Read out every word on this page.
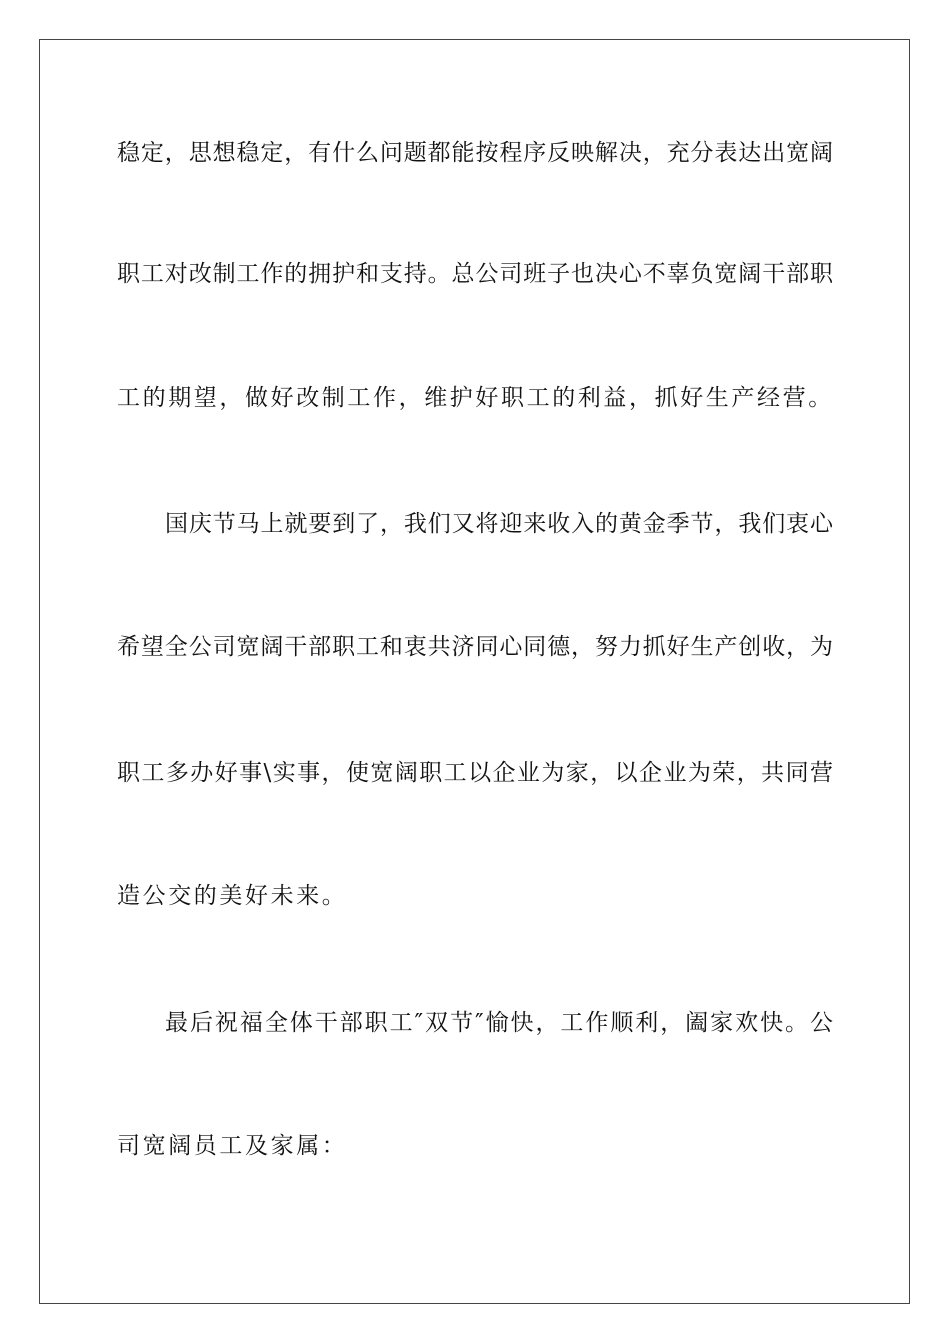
稳定，思想稳定，有什么问题都能按程序反映解决，充分表达出宽阔
职工对改制工作的拥护和支持。总公司班子也决心不辜负宽阔干部职
工的期望，做好改制工作，维护好职工的利益，抓好生产经营。
国庆节马上就要到了，我们又将迎来收入的黄金季节，我们衷心
希望全公司宽阔干部职工和衷共济同心同德，努力抓好生产创收，为
职工多办好事\实事，使宽阔职工以企业为家，以企业为荣，共同营
造公交的美好未来。
最后祝福全体干部职工″双节″愉快，工作顺利，阖家欢快。公
司宽阔员工及家属：
